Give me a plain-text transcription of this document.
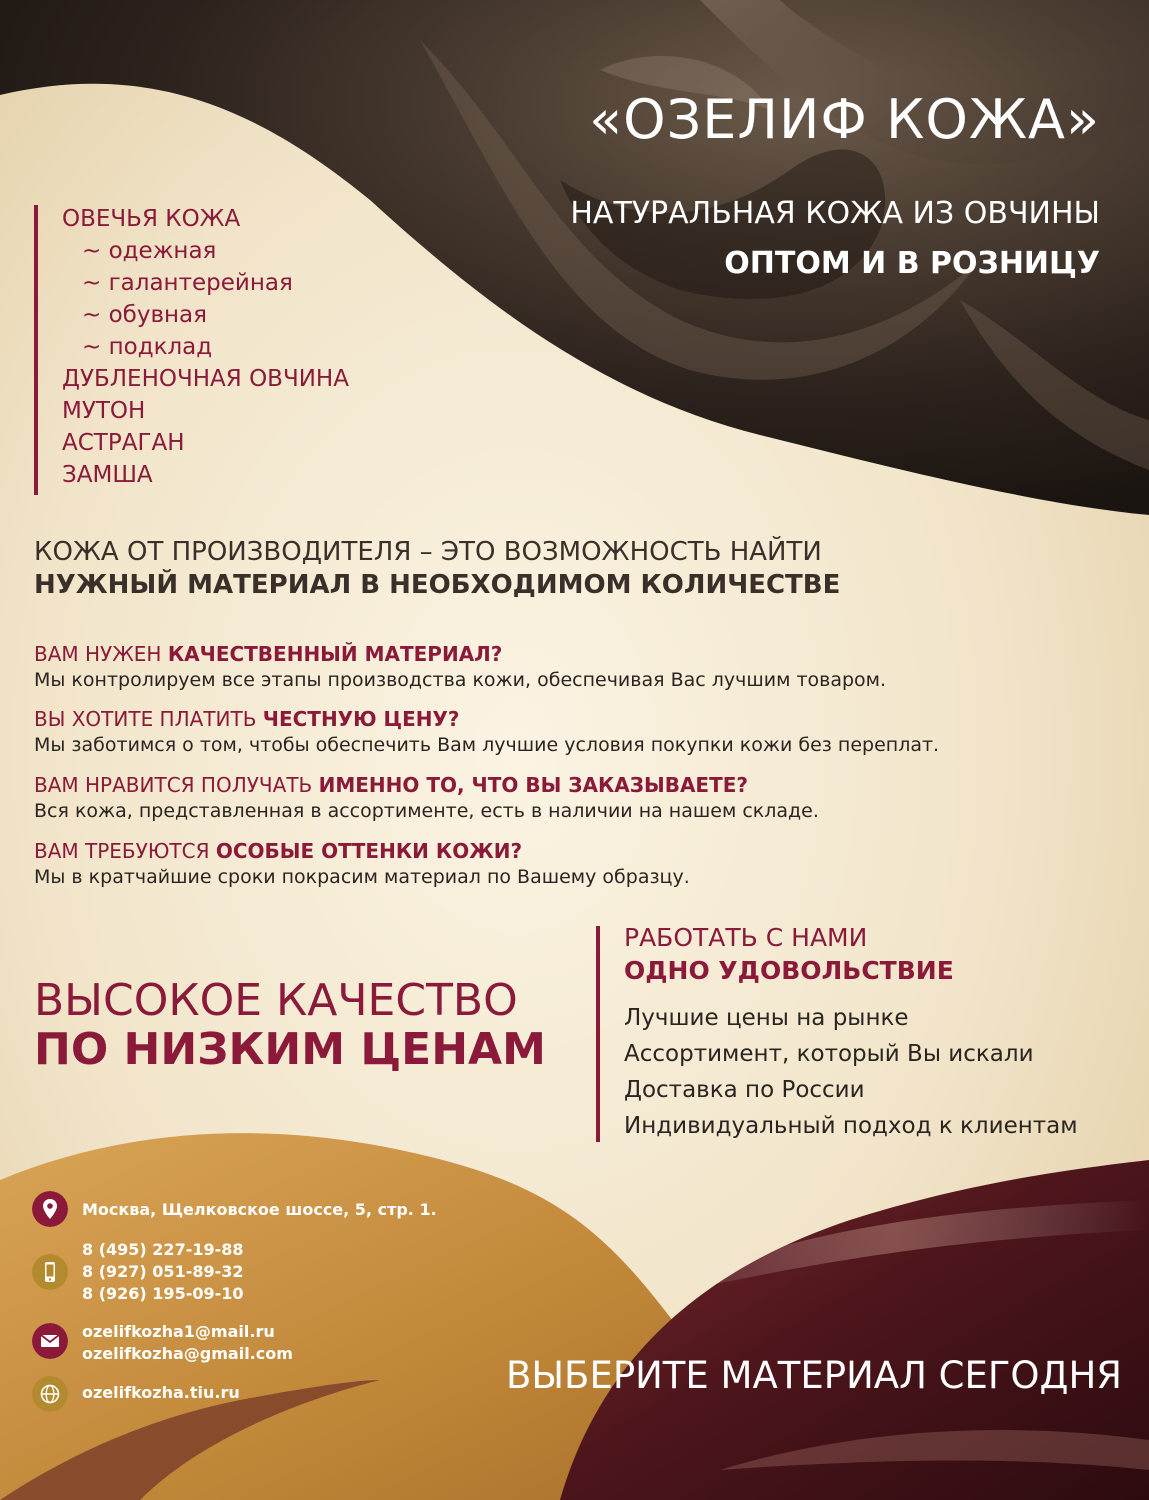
«ОЗЕЛИФ КОЖА»
НАТУРАЛЬНАЯ КОЖА ИЗ ОВЧИНЫ
ОПТОМ И В РОЗНИЦУ
ОВЕЧЬЯ КОЖА
~ одежная
~ галантерейная
~ обувная
~ подклад
ДУБЛЕНОЧНАЯ ОВЧИНА
МУТОН
АСТРАГАН
ЗАМША
КОЖА ОТ ПРОИЗВОДИТЕЛЯ – ЭТО ВОЗМОЖНОСТЬ НАЙТИ
НУЖНЫЙ МАТЕРИАЛ В НЕОБХОДИМОМ КОЛИЧЕСТВЕ
ВАМ НУЖЕН КАЧЕСТВЕННЫЙ МАТЕРИАЛ?
Мы контролируем все этапы производства кожи, обеспечивая Вас лучшим товаром.
ВЫ ХОТИТЕ ПЛАТИТЬ ЧЕСТНУЮ ЦЕНУ?
Мы заботимся о том, чтобы обеспечить Вам лучшие условия покупки кожи без переплат.
ВАМ НРАВИТСЯ ПОЛУЧАТЬ ИМЕННО ТО, ЧТО ВЫ ЗАКАЗЫВАЕТЕ?
Вся кожа, представленная в ассортименте, есть в наличии на нашем складе.
ВАМ ТРЕБУЮТСЯ ОСОБЫЕ ОТТЕНКИ КОЖИ?
Мы в кратчайшие сроки покрасим материал по Вашему образцу.
ВЫСОКОЕ КАЧЕСТВО
ПО НИЗКИМ ЦЕНАМ
РАБОТАТЬ С НАМИ
ОДНО УДОВОЛЬСТВИЕ
Лучшие цены на рынке
Ассортимент, который Вы искали
Доставка по России
Индивидуальный подход к клиентам
Москва, Щелковское шоссе, 5, стр. 1.
8 (495) 227-19-88
8 (927) 051-89-32
8 (926) 195-09-10
ozelifkozha1@mail.ru
ozelifkozha@gmail.com
ozelifkozha.tiu.ru	ВЫБЕРИТЕ МАТЕРИАЛ СЕГОДНЯ
